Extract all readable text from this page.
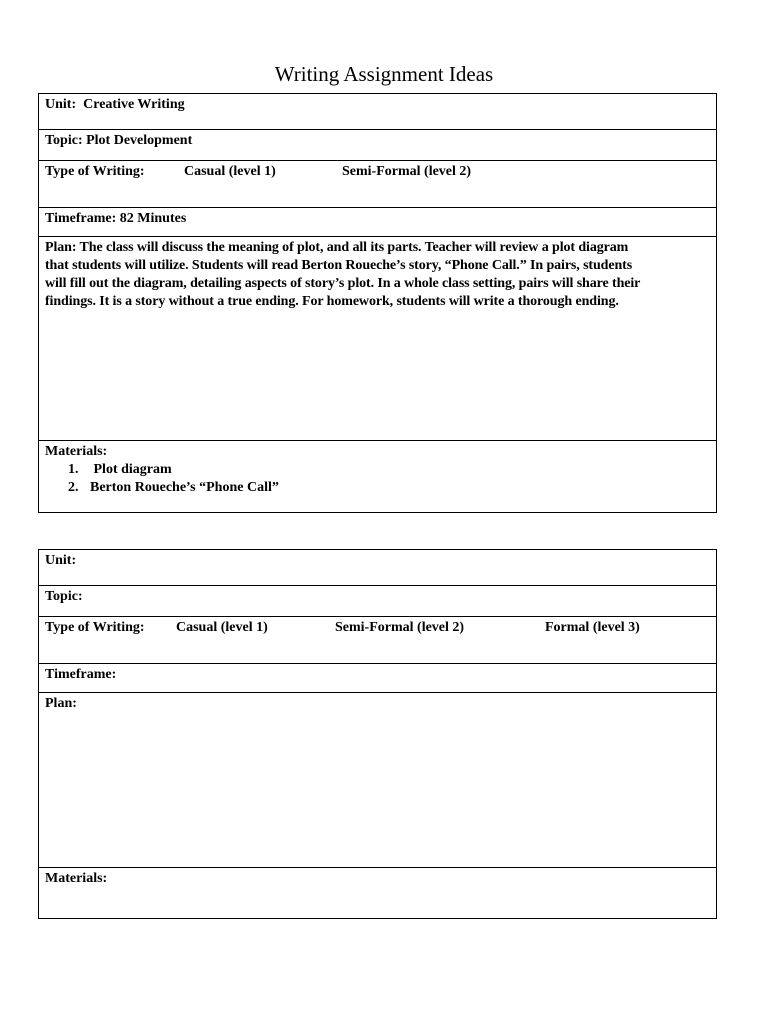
Writing Assignment Ideas
Unit: Creative Writing
Topic: Plot Development
Type of Writing:	Casual (level 1)	Semi-Formal (level 2)
Timeframe: 82 Minutes
Plan: The class will discuss the meaning of plot, and all its parts. Teacher will review a plot diagram
that students will utilize. Students will read Berton Roueche’s story, “Phone Call.” In pairs, students
will fill out the diagram, detailing aspects of story’s plot. In a whole class setting, pairs will share their
findings. It is a story without a true ending. For homework, students will write a thorough ending.
Materials:
1. Plot diagram
2. Berton Roueche’s “Phone Call”
Unit:
Topic:
Type of Writing: Casual (level 1)	Semi-Formal (level 2)	Formal (level 3)
Timeframe:
Plan:
Materials:
